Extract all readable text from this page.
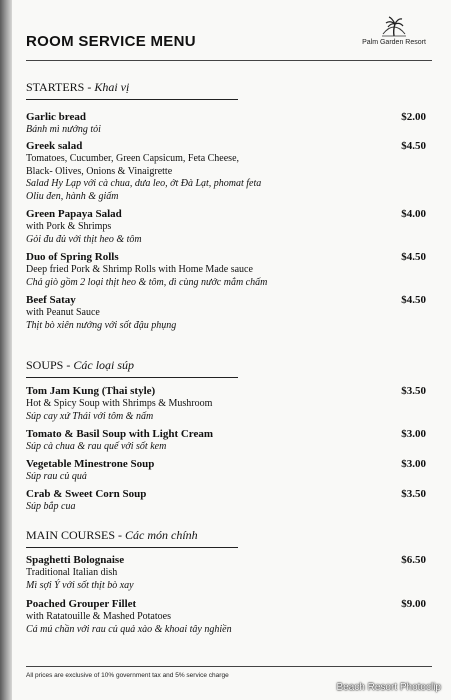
ROOM SERVICE MENU	Palm Garden Resort
STARTERS - Khai vị
Garlic bread
Bánh mì nướng tỏi
$2.00
Greek salad
Tomatoes, Cucumber, Green Capsicum, Feta Cheese,
Black- Olives, Onions & Vinaigrette
Salad Hy Lạp với cà chua, dưa leo, ớt Đà Lạt, phomat feta
Oliu đen, hành & giấm
$4.50
Green Papaya Salad
with Pork & Shrimps
Gỏi đu đủ với thịt heo & tôm
$4.00
Duo of Spring Rolls
Deep fried Pork & Shrimp Rolls with Home Made sauce
Chả giò gồm 2 loại thịt heo & tôm, dì cùng nước mắm chấm
$4.50
Beef Satay
with Peanut Sauce
Thịt bò xiên nướng với sốt đậu phụng
$4.50
SOUPS - Các loại súp
Tom Jam Kung (Thai style)
Hot & Spicy Soup with Shrimps & Mushroom
Súp cay xứ Thái với tôm & nấm
$3.50
Tomato & Basil Soup with Light Cream
Súp cà chua & rau quế với sốt kem
$3.00
Vegetable Minestrone Soup
Súp rau củ quả
$3.00
Crab & Sweet Corn Soup
Súp bắp cua
$3.50
MAIN COURSES - Các món chính
Spaghetti Bolognaise
Traditional Italian dish
Mì sợi Ý với sốt thịt bò xay
$6.50
Poached Grouper Fillet
with Ratatouille & Mashed Potatoes
Cá mú chần với rau củ quả xào & khoai tây nghiền
$9.00
All prices are exclusive of 10% government tax and 5% service charge
Beach Resort Photoclip
